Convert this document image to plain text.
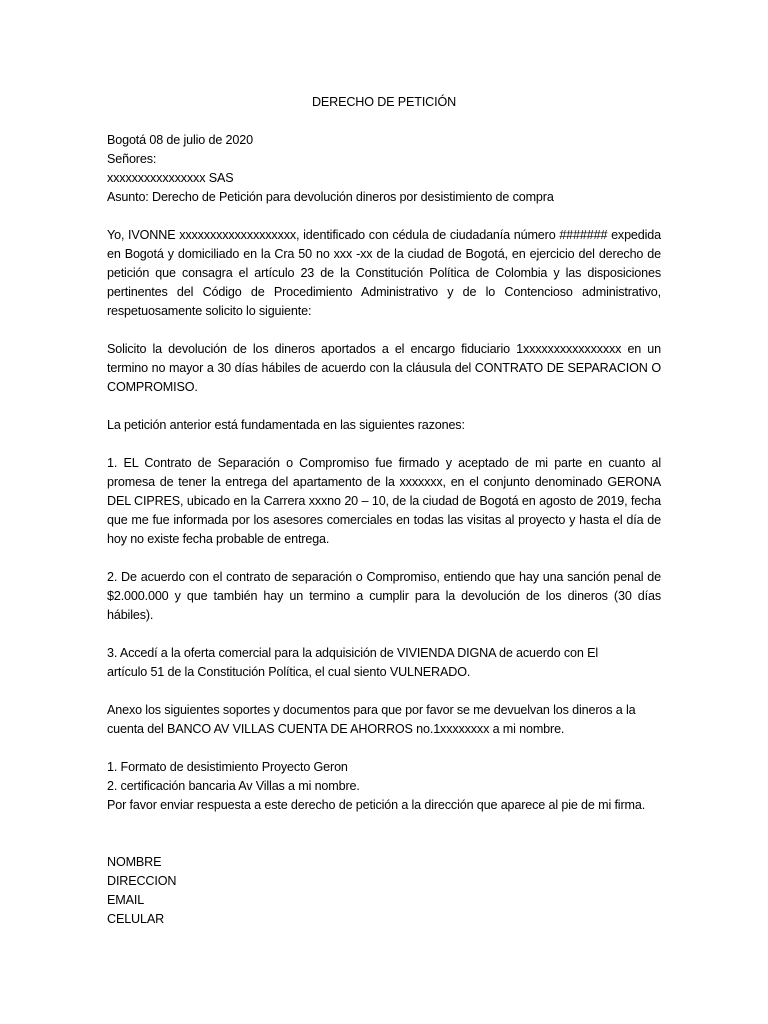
DERECHO DE PETICIÓN

Bogotá 08 de julio de 2020

Señores:

xxxxxxxxxxxxxxxx SAS

Asunto: Derecho de Petición para devolución dineros por desistimiento de compra

Yo, IVONNE xxxxxxxxxxxxxxxxxxx, identificado con cédula de ciudadanía número ####### expedida en Bogotá y domiciliado en la Cra 50 no xxx -xx de la ciudad de Bogotá, en ejercicio del derecho de petición que consagra el artículo 23 de la Constitución Política de Colombia y las disposiciones pertinentes del Código de Procedimiento Administrativo y de lo Contencioso administrativo, respetuosamente solicito lo siguiente:

Solicito la devolución de los dineros aportados a el encargo fiduciario 1xxxxxxxxxxxxxxxx en un termino no mayor a 30 días hábiles de acuerdo con la cláusula del CONTRATO DE SEPARACION O COMPROMISO.

La petición anterior está fundamentada en las siguientes razones:

1. EL Contrato de Separación o Compromiso fue firmado y aceptado de mi parte en cuanto al promesa de tener la entrega del apartamento de la xxxxxxx, en el conjunto denominado GERONA DEL CIPRES, ubicado en la Carrera xxxno 20 – 10, de la ciudad de Bogotá en agosto de 2019, fecha que me fue informada por los asesores comerciales en todas las visitas al proyecto y hasta el día de hoy no existe fecha probable de entrega.

2. De acuerdo con el contrato de separación o Compromiso, entiendo que hay una sanción penal de $2.000.000 y que también hay un termino a cumplir para la devolución de los dineros (30 días hábiles).

3. Accedí a la oferta comercial para la adquisición de VIVIENDA DIGNA de acuerdo con El

artículo 51 de la Constitución Política, el cual siento VULNERADO.

Anexo los siguientes soportes y documentos para que por favor se me devuelvan los dineros a la

cuenta del BANCO AV VILLAS CUENTA DE AHORROS no.1xxxxxxxx a mi nombre.

1. Formato de desistimiento Proyecto Geron

2. certificación bancaria Av Villas a mi nombre.

Por favor enviar respuesta a este derecho de petición a la dirección que aparece al pie de mi firma.

NOMBRE

DIRECCION

EMAIL

CELULAR
